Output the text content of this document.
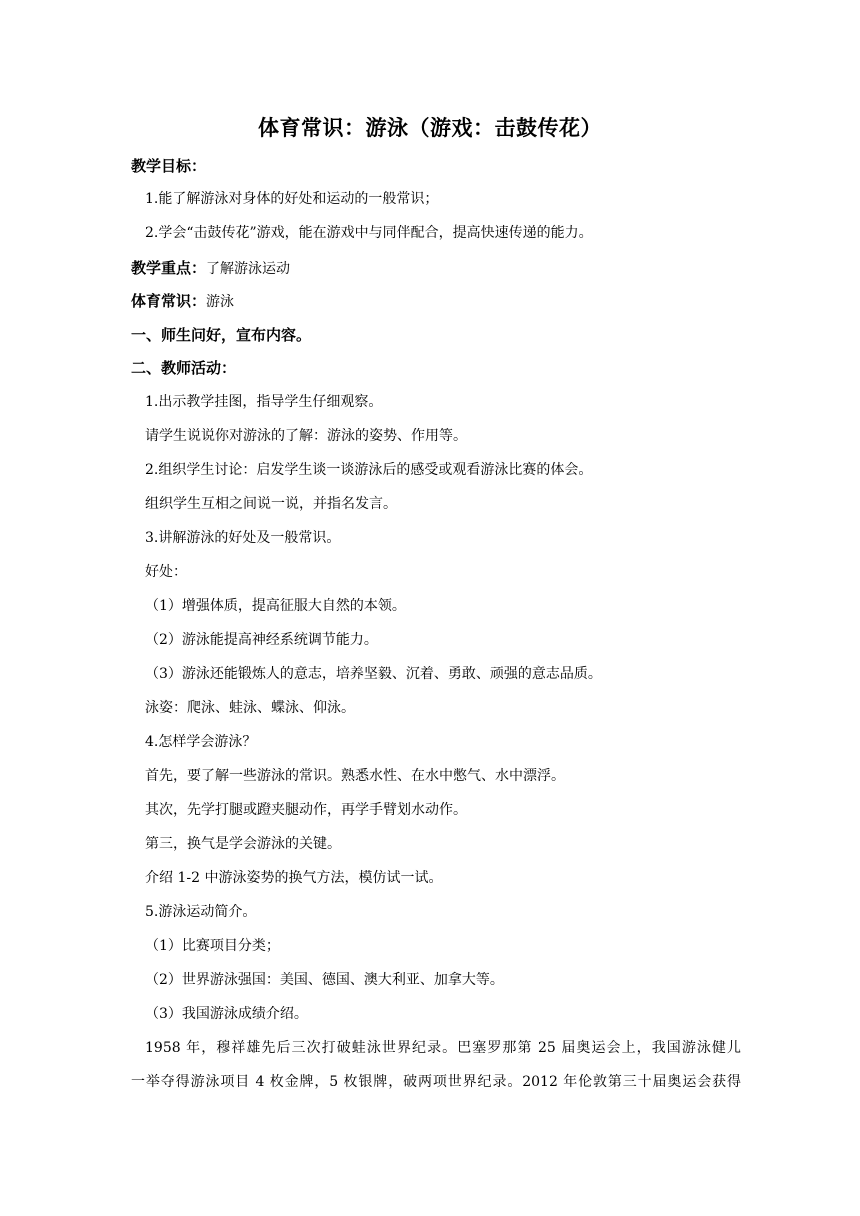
体育常识：游泳（游戏：击鼓传花）
教学目标：
1.能了解游泳对身体的好处和运动的一般常识；
2.学会“击鼓传花”游戏，能在游戏中与同伴配合，提高快速传递的能力。
教学重点：了解游泳运动
体育常识：游泳
一、师生问好，宣布内容。
二、教师活动：
1.出示教学挂图，指导学生仔细观察。
请学生说说你对游泳的了解：游泳的姿势、作用等。
2.组织学生讨论：启发学生谈一谈游泳后的感受或观看游泳比赛的体会。
组织学生互相之间说一说，并指名发言。
3.讲解游泳的好处及一般常识。
好处：
（1）增强体质，提高征服大自然的本领。
（2）游泳能提高神经系统调节能力。
（3）游泳还能锻炼人的意志，培养坚毅、沉着、勇敢、顽强的意志品质。
泳姿：爬泳、蛙泳、蝶泳、仰泳。
4.怎样学会游泳？
首先，要了解一些游泳的常识。熟悉水性、在水中憋气、水中漂浮。
其次，先学打腿或蹬夹腿动作，再学手臂划水动作。
第三，换气是学会游泳的关键。
介绍 1-2 中游泳姿势的换气方法，模仿试一试。
5.游泳运动简介。
（1）比赛项目分类；
（2）世界游泳强国：美国、德国、澳大利亚、加拿大等。
（3）我国游泳成绩介绍。
1958 年，穆祥雄先后三次打破蛙泳世界纪录。巴塞罗那第 25 届奥运会上，我国游泳健儿
一举夺得游泳项目 4 枚金牌，5 枚银牌，破两项世界纪录。2012 年伦敦第三十届奥运会获得
